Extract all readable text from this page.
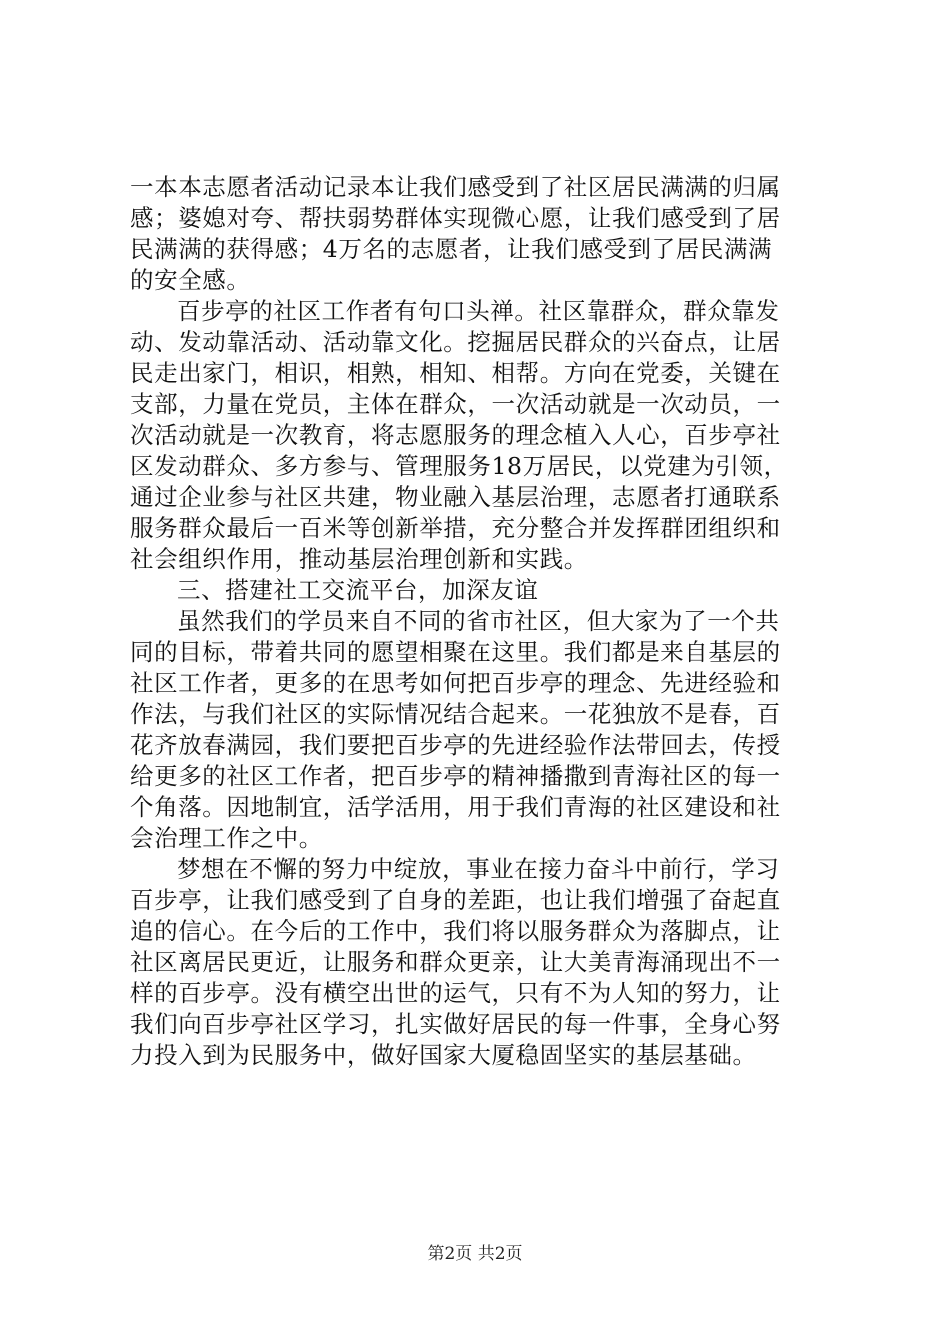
一本本志愿者活动记录本让我们感受到了社区居民满满的归属
感；婆媳对夸、帮扶弱势群体实现微心愿，让我们感受到了居
民满满的获得感；4万名的志愿者，让我们感受到了居民满满
的安全感。
百步亭的社区工作者有句口头禅。社区靠群众，群众靠发
动、发动靠活动、活动靠文化。挖掘居民群众的兴奋点，让居
民走出家门，相识，相熟，相知、相帮。方向在党委，关键在
支部，力量在党员，主体在群众，一次活动就是一次动员，一
次活动就是一次教育，将志愿服务的理念植入人心，百步亭社
区发动群众、多方参与、管理服务18万居民，以党建为引领，
通过企业参与社区共建，物业融入基层治理，志愿者打通联系
服务群众最后一百米等创新举措，充分整合并发挥群团组织和
社会组织作用，推动基层治理创新和实践。
三、搭建社工交流平台，加深友谊
虽然我们的学员来自不同的省市社区，但大家为了一个共
同的目标，带着共同的愿望相聚在这里。我们都是来自基层的
社区工作者，更多的在思考如何把百步亭的理念、先进经验和
作法，与我们社区的实际情况结合起来。一花独放不是春，百
花齐放春满园，我们要把百步亭的先进经验作法带回去，传授
给更多的社区工作者，把百步亭的精神播撒到青海社区的每一
个角落。因地制宜，活学活用，用于我们青海的社区建设和社
会治理工作之中。
梦想在不懈的努力中绽放，事业在接力奋斗中前行，学习
百步亭，让我们感受到了自身的差距，也让我们增强了奋起直
追的信心。在今后的工作中，我们将以服务群众为落脚点，让
社区离居民更近，让服务和群众更亲，让大美青海涌现出不一
样的百步亭。没有横空出世的运气，只有不为人知的努力，让
我们向百步亭社区学习，扎实做好居民的每一件事，全身心努
力投入到为民服务中，做好国家大厦稳固坚实的基层基础。
第2页 共2页
